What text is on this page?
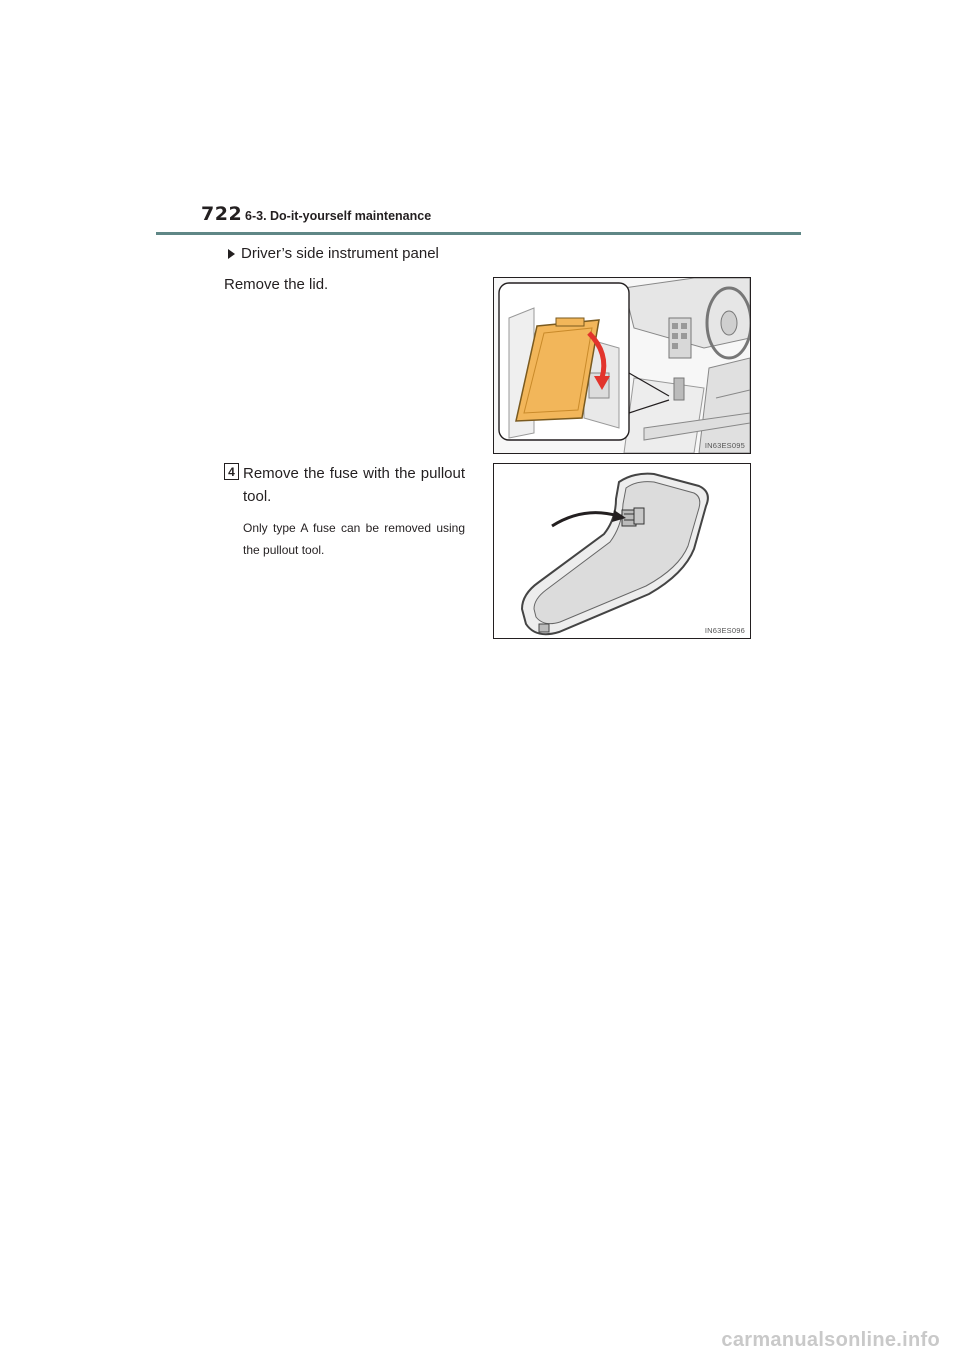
722 6-3. Do-it-yourself maintenance
Driver’s side instrument panel
Remove the lid.
IN63ES095
4 Remove the fuse with the pullout tool.
Only type A fuse can be removed using the pullout tool.
IN63ES096
carmanualsonline.info
